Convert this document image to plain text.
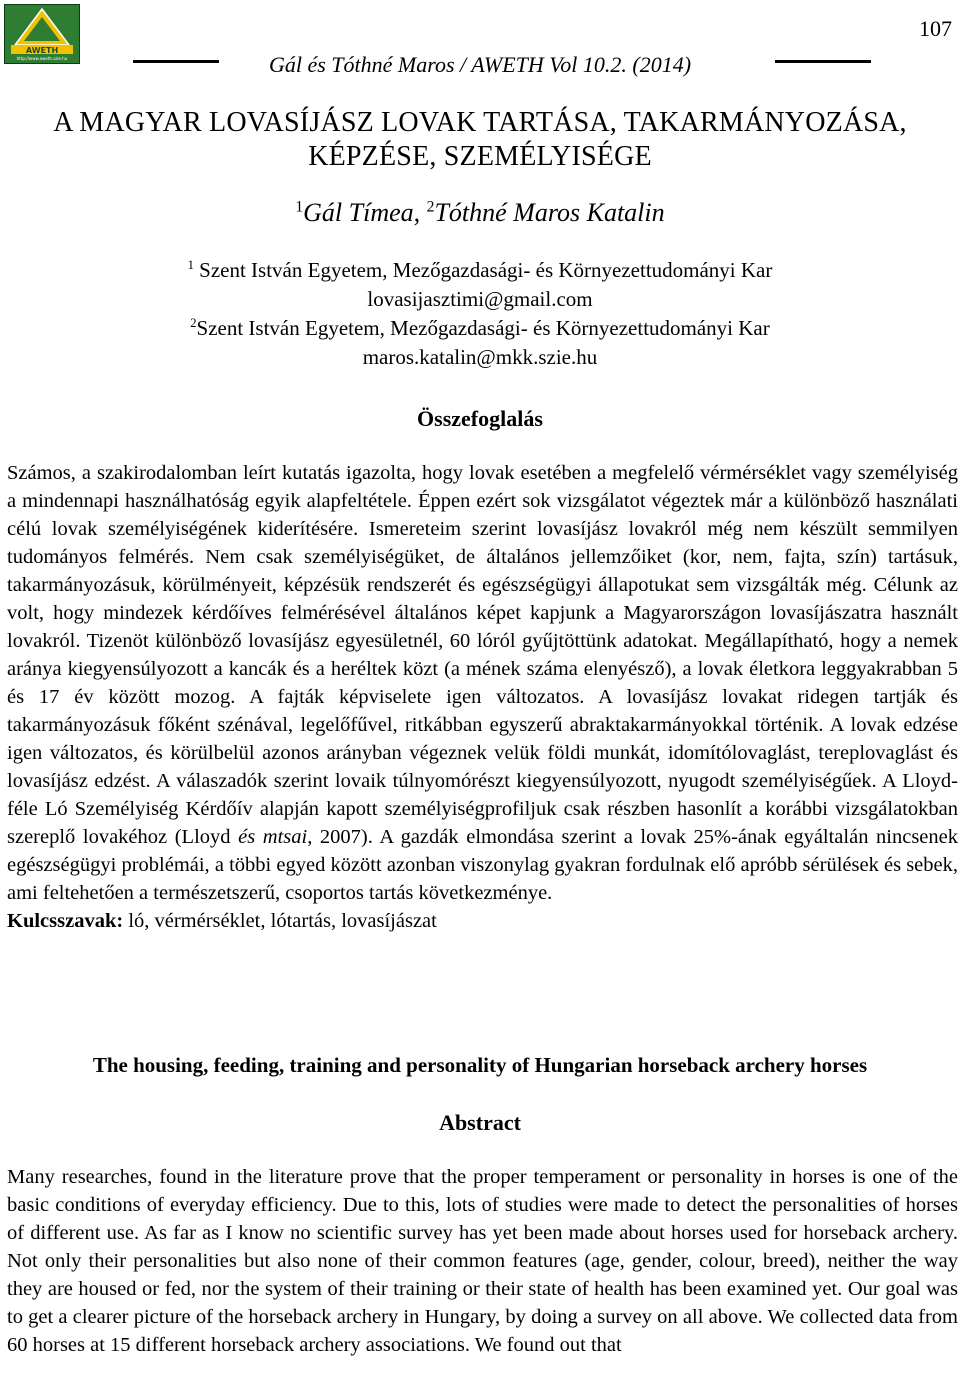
AWETH
http://www.aweth.szie.hu	Gál és Tóthné Maros / AWETH Vol 10.2. (2014)
107
A MAGYAR LOVASÍJÁSZ LOVAK TARTÁSA, TAKARMÁNYOZÁSA,
KÉPZÉSE, SZEMÉLYISÉGE
$^1$Gál Tímea, $^2$Tóthné Maros Katalin
$^1$ Szent István Egyetem, Mezőgazdasági- és Környezettudományi Kar
lovasijasztimi@gmail.com
$^2$Szent István Egyetem, Mezőgazdasági- és Környezettudományi Kar
maros.katalin@mkk.szie.hu
Összefoglalás

Számos, a szakirodalomban leírt kutatás igazolta, hogy lovak esetében a megfelelő vérmérséklet vagy személyiség a mindennapi használhatóság egyik alapfeltétele. Éppen ezért sok vizsgálatot végeztek már a különböző használati célú lovak személyiségének kiderítésére. Ismereteim szerint lovasíjász lovakról még nem készült semmilyen tudományos felmérés. Nem csak személyiségüket, de általános jellemzőiket (kor, nem, fajta, szín) tartásuk, takarmányozásuk, körülményeit, képzésük rendszerét és egészségügyi állapotukat sem vizsgálták még. Célunk az volt, hogy mindezek kérdőíves felmérésével általános képet kapjunk a Magyarországon lovasíjászatra használt lovakról. Tizenöt különböző lovasíjász egyesületnél, 60 lóról gyűjtöttünk adatokat. Megállapítható, hogy a nemek aránya kiegyensúlyozott a kancák és a heréltek közt (a mének száma elenyésző), a lovak életkora leggyakrabban 5 és 17 év között mozog. A fajták képviselete igen változatos. A lovasíjász lovakat ridegen tartják és takarmányozásuk főként szénával, legelőfűvel, ritkábban egyszerű abraktakarmányokkal történik. A lovak edzése igen változatos, és körülbelül azonos arányban végeznek velük földi munkát, idomítólovaglást, tereplovaglást és lovasíjász edzést. A válaszadók szerint lovaik túlnyomórészt kiegyensúlyozott, nyugodt személyiségűek. A Lloyd-féle Ló Személyiség Kérdőív alapján kapott személyiségprofiljuk csak részben hasonlít a korábbi vizsgálatokban szereplő lovakéhoz (Lloyd és mtsai, 2007). A gazdák elmondása szerint a lovak 25%-ának egyáltalán nincsenek egészségügyi problémái, a többi egyed között azonban viszonylag gyakran fordulnak elő apróbb sérülések és sebek, ami feltehetően a természetszerű, csoportos tartás következménye.

Kulcsszavak: ló, vérmérséklet, lótartás, lovasíjászat

The housing, feeding, training and personality of Hungarian horseback archery horses
Abstract

Many researches, found in the literature prove that the proper temperament or personality in horses is one of the basic conditions of everyday efficiency. Due to this, lots of studies were made to detect the personalities of horses of different use. As far as I know no scientific survey has yet been made about horses used for horseback archery. Not only their personalities but also none of their common features (age, gender, colour, breed), neither the way they are housed or fed, nor the system of their training or their state of health has been examined yet. Our goal was to get a clearer picture of the horseback archery in Hungary, by doing a survey on all above. We collected data from 60 horses at 15 different horseback archery associations. We found out that
